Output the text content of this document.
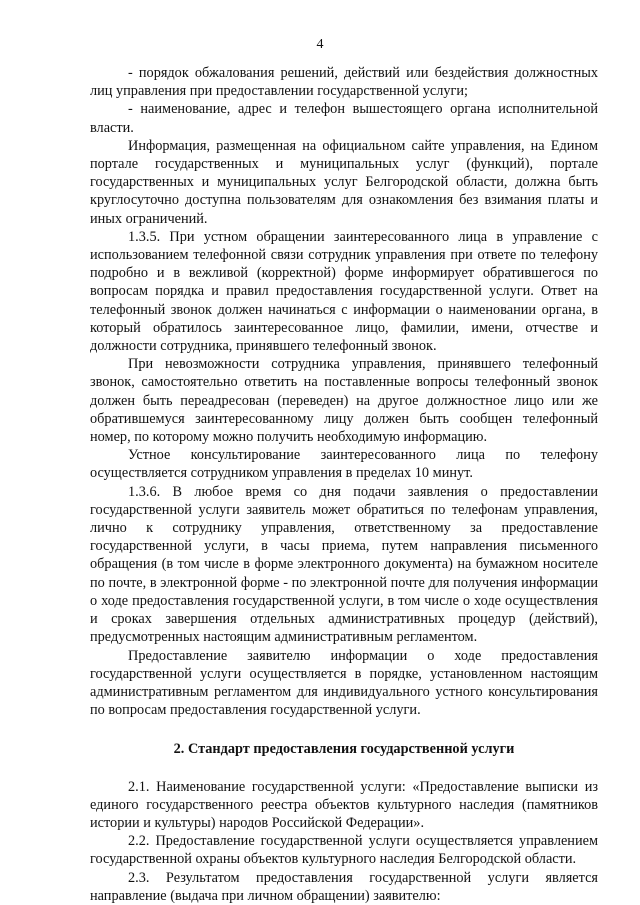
4

- порядок обжалования решений, действий или бездействия должностных лиц управления при предоставлении государственной услуги;

- наименование, адрес и телефон вышестоящего органа исполнительной власти.

Информация, размещенная на официальном сайте управления, на Едином портале государственных и муниципальных услуг (функций), портале государственных и муниципальных услуг Белгородской области, должна быть круглосуточно доступна пользователям для ознакомления без взимания платы и иных ограничений.

1.3.5. При устном обращении заинтересованного лица в управление с использованием телефонной связи сотрудник управления при ответе по телефону подробно и в вежливой (корректной) форме информирует обратившегося по вопросам порядка и правил предоставления государственной услуги. Ответ на телефонный звонок должен начинаться с информации о наименовании органа, в который обратилось заинтересованное лицо, фамилии, имени, отчестве и должности сотрудника, принявшего телефонный звонок.

При невозможности сотрудника управления, принявшего телефонный звонок, самостоятельно ответить на поставленные вопросы телефонный звонок должен быть переадресован (переведен) на другое должностное лицо или же обратившемуся заинтересованному лицу должен быть сообщен телефонный номер, по которому можно получить необходимую информацию.

Устное консультирование заинтересованного лица по телефону осуществляется сотрудником управления в пределах 10 минут.

1.3.6. В любое время со дня подачи заявления о предоставлении государственной услуги заявитель может обратиться по телефонам управления, лично к сотруднику управления, ответственному за предоставление государственной услуги, в часы приема, путем направления письменного обращения (в том числе в форме электронного документа) на бумажном носителе по почте, в электронной форме - по электронной почте для получения информации о ходе предоставления государственной услуги, в том числе о ходе осуществления и сроках завершения отдельных административных процедур (действий), предусмотренных настоящим административным регламентом.

Предоставление заявителю информации о ходе предоставления государственной услуги осуществляется в порядке, установленном настоящим административным регламентом для индивидуального устного консультирования по вопросам предоставления государственной услуги.

2. Стандарт предоставления государственной услуги

2.1. Наименование государственной услуги: «Предоставление выписки из единого государственного реестра объектов культурного наследия (памятников истории и культуры) народов Российской Федерации».

2.2. Предоставление государственной услуги осуществляется управлением государственной охраны объектов культурного наследия Белгородской области.

2.3. Результатом предоставления государственной услуги является направление (выдача при личном обращении) заявителю:
